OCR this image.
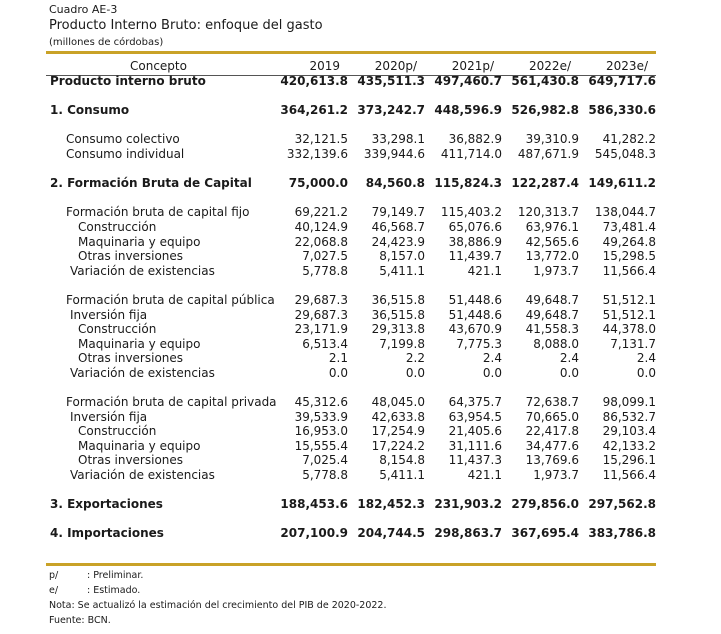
Cuadro AE-3
Producto Interno Bruto: enfoque del gasto
(millones de córdobas)
Concepto	2019	2020p/	2021p/	2022e/	2023e/
Producto interno bruto	420,613.8	435,511.3	497,460.7	561,430.8	649,717.6

1. Consumo	364,261.2	373,242.7	448,596.9	526,982.8	586,330.6

Consumo colectivo	32,121.5	33,298.1	36,882.9	39,310.9	41,282.2
Consumo individual	332,139.6	339,944.6	411,714.0	487,671.9	545,048.3

2. Formación Bruta de Capital	75,000.0	84,560.8	115,824.3	122,287.4	149,611.2

Formación bruta de capital fijo	69,221.2	79,149.7	115,403.2	120,313.7	138,044.7
Construcción	40,124.9	46,568.7	65,076.6	63,976.1	73,481.4
Maquinaria y equipo	22,068.8	24,423.9	38,886.9	42,565.6	49,264.8
Otras inversiones	7,027.5	8,157.0	11,439.7	13,772.0	15,298.5
Variación de existencias	5,778.8	5,411.1	421.1	1,973.7	11,566.4

Formación bruta de capital pública	29,687.3	36,515.8	51,448.6	49,648.7	51,512.1
Inversión fija	29,687.3	36,515.8	51,448.6	49,648.7	51,512.1
Construcción	23,171.9	29,313.8	43,670.9	41,558.3	44,378.0
Maquinaria y equipo	6,513.4	7,199.8	7,775.3	8,088.0	7,131.7
Otras inversiones	2.1	2.2	2.4	2.4	2.4
Variación de existencias	0.0	0.0	0.0	0.0	0.0

Formación bruta de capital privada	45,312.6	48,045.0	64,375.7	72,638.7	98,099.1
Inversión fija	39,533.9	42,633.8	63,954.5	70,665.0	86,532.7
Construcción	16,953.0	17,254.9	21,405.6	22,417.8	29,103.4
Maquinaria y equipo	15,555.4	17,224.2	31,111.6	34,477.6	42,133.2
Otras inversiones	7,025.4	8,154.8	11,437.3	13,769.6	15,296.1
Variación de existencias	5,778.8	5,411.1	421.1	1,973.7	11,566.4

3. Exportaciones	188,453.6	182,452.3	231,903.2	279,856.0	297,562.8

4. Importaciones	207,100.9	204,744.5	298,863.7	367,695.4	383,786.8
p/	: Preliminar.
e/	: Estimado.
Nota: Se actualizó la estimación del crecimiento del PIB de 2020-2022.
Fuente: BCN.
